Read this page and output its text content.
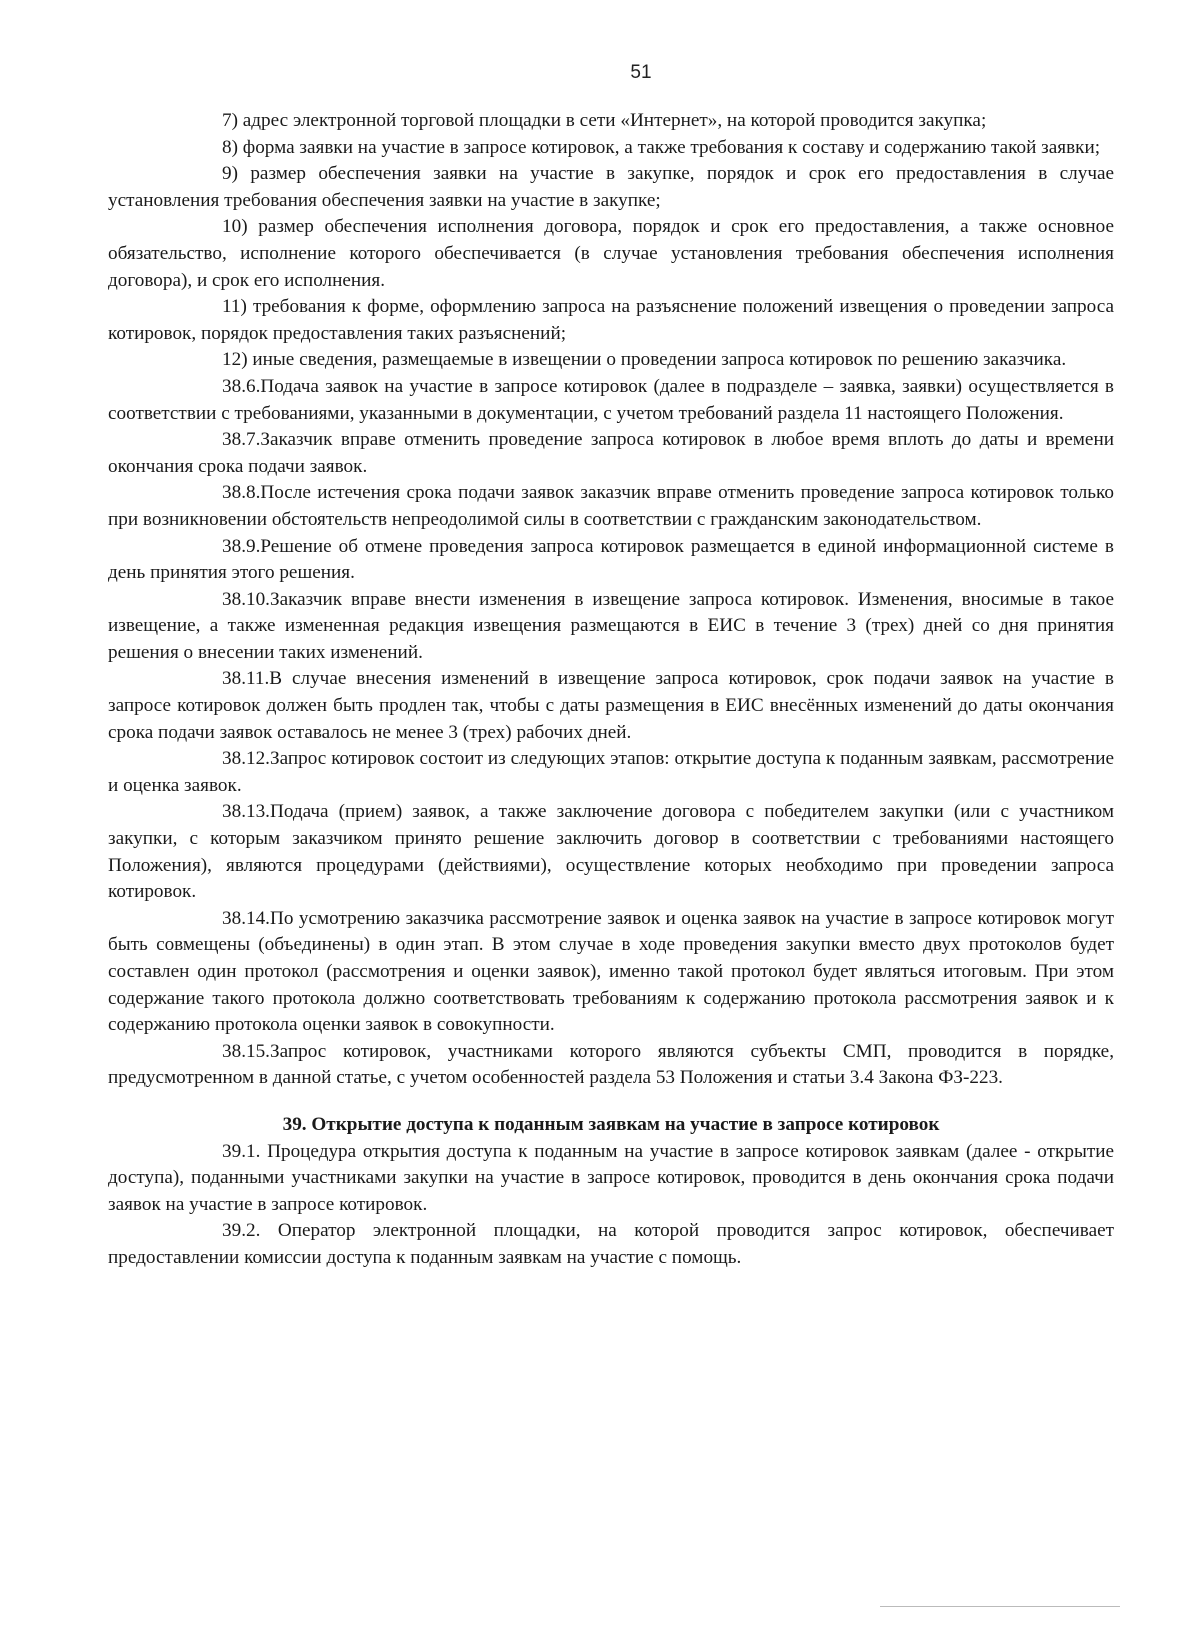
51

7) адрес электронной торговой площадки в сети «Интернет», на которой проводится закупка;

8) форма заявки на участие в запросе котировок, а также требования к составу и содержанию такой заявки;

9) размер обеспечения заявки на участие в закупке, порядок и срок его предоставления в случае установления требования обеспечения заявки на участие в закупке;

10) размер обеспечения исполнения договора, порядок и срок его предоставления, а также основное обязательство, исполнение которого обеспечивается (в случае установления требования обеспечения исполнения договора), и срок его исполнения.

11) требования к форме, оформлению запроса на разъяснение положений извещения о проведении запроса котировок, порядок предоставления таких разъяснений;

12) иные сведения, размещаемые в извещении о проведении запроса котировок по решению заказчика.

38.6.Подача заявок на участие в запросе котировок (далее в подразделе – заявка, заявки) осуществляется в соответствии с требованиями, указанными в документации, с учетом требований раздела 11 настоящего Положения.

38.7.Заказчик вправе отменить проведение запроса котировок в любое время вплоть до даты и времени окончания срока подачи заявок.

38.8.После истечения срока подачи заявок заказчик вправе отменить проведение запроса котировок только при возникновении обстоятельств непреодолимой силы в соответствии с гражданским законодательством.

38.9.Решение об отмене проведения запроса котировок размещается в единой информационной системе в день принятия этого решения.

38.10.Заказчик вправе внести изменения в извещение запроса котировок. Изменения, вносимые в такое извещение, а также измененная редакция извещения размещаются в ЕИС в течение 3 (трех) дней со дня принятия решения о внесении таких изменений.

38.11.В случае внесения изменений в извещение запроса котировок, срок подачи заявок на участие в запросе котировок должен быть продлен так, чтобы с даты размещения в ЕИС внесённых изменений до даты окончания срока подачи заявок оставалось не менее 3 (трех) рабочих дней.

38.12.Запрос котировок состоит из следующих этапов: открытие доступа к поданным заявкам, рассмотрение и оценка заявок.

38.13.Подача (прием) заявок, а также заключение договора с победителем закупки (или с участником закупки, с которым заказчиком принято решение заключить договор в соответствии с требованиями настоящего Положения), являются процедурами (действиями), осуществление которых необходимо при проведении запроса котировок.

38.14.По усмотрению заказчика рассмотрение заявок и оценка заявок на участие в запросе котировок могут быть совмещены (объединены) в один этап. В этом случае в ходе проведения закупки вместо двух протоколов будет составлен один протокол (рассмотрения и оценки заявок), именно такой протокол будет являться итоговым. При этом содержание такого протокола должно соответствовать требованиям к содержанию протокола рассмотрения заявок и к содержанию протокола оценки заявок в совокупности.

38.15.Запрос котировок, участниками которого являются субъекты СМП, проводится в порядке, предусмотренном в данной статье, с учетом особенностей раздела 53 Положения и статьи 3.4 Закона ФЗ-223.

39. Открытие доступа к поданным заявкам на участие в запросе котировок

39.1. Процедура открытия доступа к поданным на участие в запросе котировок заявкам (далее - открытие доступа), поданными участниками закупки на участие в запросе котировок, проводится в день окончания срока подачи заявок на участие в запросе котировок.

39.2. Оператор электронной площадки, на которой проводится запрос котировок, обеспечивает предоставлении комиссии доступа к поданным заявкам на участие с помощь.
